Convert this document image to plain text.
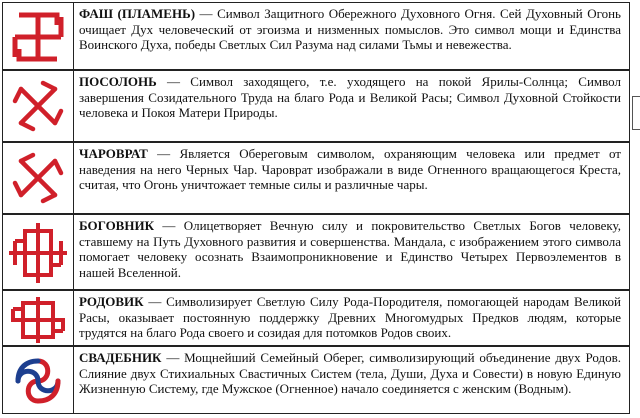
ФАШ (ПЛАМЕНЬ) — Символ Защитного Обережного Духовного Огня. Сей Духовный Огонь очищает Дух человеческий от эгоизма и низменных помыслов. Это символ мощи и Единства Воинского Духа, победы Светлых Сил Разума над силами Тьмы и невежества.
ПОСОЛОНЬ — Символ заходящего, т.е. уходящего на покой Ярилы-Солнца; Символ завершения Созидательного Труда на благо Рода и Великой Расы; Символ Духовной Стойкости человека и Покоя Матери Природы.
ЧАРОВРАТ — Является Обереговым символом, охраняющим человека или предмет от наведения на него Черных Чар. Чароврат изображали в виде Огненного вращающегося Креста, считая, что Огонь уничтожает темные силы и различные чары.
БОГОВНИК — Олицетворяет Вечную силу и покровительство Светлых Богов человеку, ставшему на Путь Духовного развития и совершенства. Мандала, с изображением этого символа помогает человеку осознать Взаимопроникновение и Единство Четырех Первоэлементов в нашей Вселенной.
РОДОВИК — Символизирует Светлую Силу Рода-Породителя, помогающей народам Великой Расы, оказывает постоянную поддержку Древних Многомудрых Предков людям, которые трудятся на благо Рода своего и созидая для потомков Родов своих.
СВАДЕБНИК — Мощнейший Семейный Оберег, символизирующий объединение двух Родов. Слияние двух Стихиальных Свастичных Систем (тела, Души, Духа и Совести) в новую Единую Жизненную Систему, где Мужское (Огненное) начало соединяется с женским (Водным).
